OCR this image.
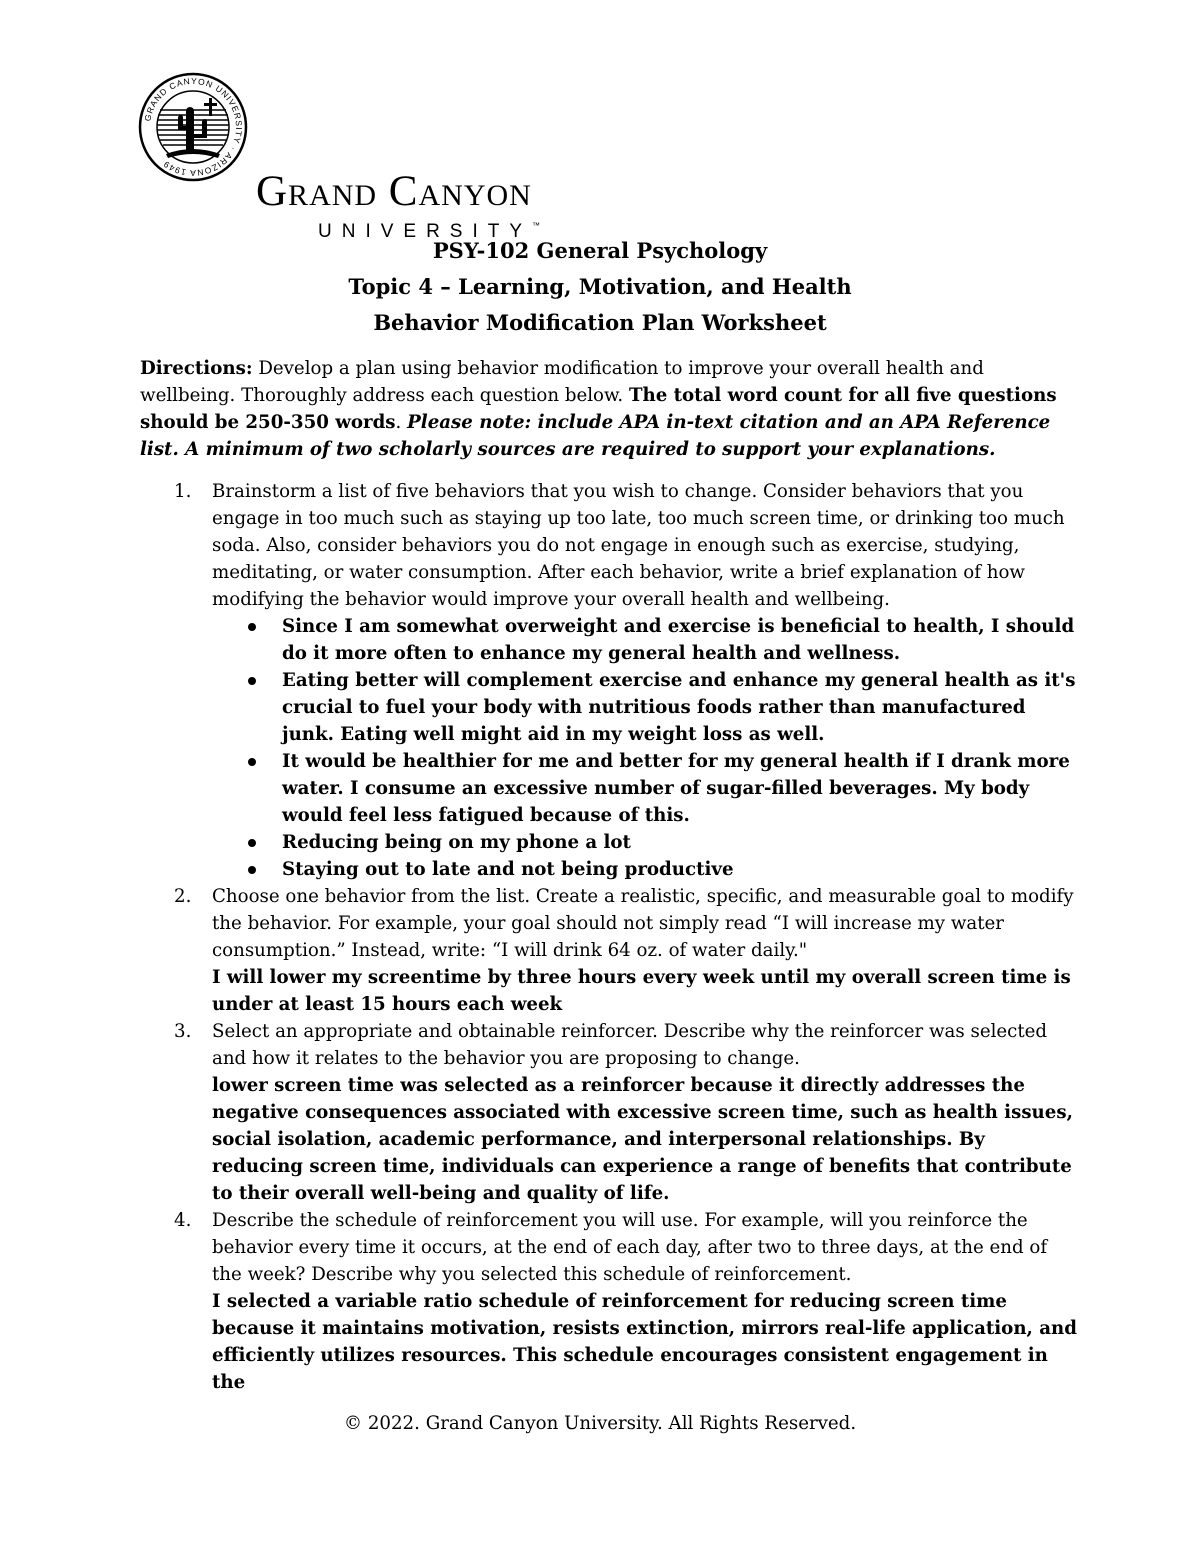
GRAND CANYON UNIVERSITY · ARIZONA 1949
Grand Canyon
UNIVERSITY™
PSY-102 General Psychology
Topic 4 – Learning, Motivation, and Health
Behavior Modification Plan Worksheet
Directions: Develop a plan using behavior modification to improve your overall health and wellbeing. Thoroughly address each question below. The total word count for all five questions should be 250-350 words. Please note: include APA in-text citation and an APA Reference list. A minimum of two scholarly sources are required to support your explanations.
1. Brainstorm a list of five behaviors that you wish to change. Consider behaviors that you engage in too much such as staying up too late, too much screen time, or drinking too much soda. Also, consider behaviors you do not engage in enough such as exercise, studying, meditating, or water consumption. After each behavior, write a brief explanation of how modifying the behavior would improve your overall health and wellbeing.
Since I am somewhat overweight and exercise is beneficial to health, I should do it more often to enhance my general health and wellness.
Eating better will complement exercise and enhance my general health as it's crucial to fuel your body with nutritious foods rather than manufactured junk. Eating well might aid in my weight loss as well.
It would be healthier for me and better for my general health if I drank more water. I consume an excessive number of sugar-filled beverages. My body would feel less fatigued because of this.
Reducing being on my phone a lot
Staying out to late and not being productive
2. Choose one behavior from the list. Create a realistic, specific, and measurable goal to modify the behavior. For example, your goal should not simply read “I will increase my water consumption.” Instead, write: “I will drink 64 oz. of water daily."
I will lower my screentime by three hours every week until my overall screen time is under at least 15 hours each week
3. Select an appropriate and obtainable reinforcer. Describe why the reinforcer was selected and how it relates to the behavior you are proposing to change.
lower screen time was selected as a reinforcer because it directly addresses the negative consequences associated with excessive screen time, such as health issues, social isolation, academic performance, and interpersonal relationships. By reducing screen time, individuals can experience a range of benefits that contribute to their overall well-being and quality of life.
4. Describe the schedule of reinforcement you will use. For example, will you reinforce the behavior every time it occurs, at the end of each day, after two to three days, at the end of the week? Describe why you selected this schedule of reinforcement.
I selected a variable ratio schedule of reinforcement for reducing screen time because it maintains motivation, resists extinction, mirrors real-life application, and efficiently utilizes resources. This schedule encourages consistent engagement in the
© 2022. Grand Canyon University. All Rights Reserved.
